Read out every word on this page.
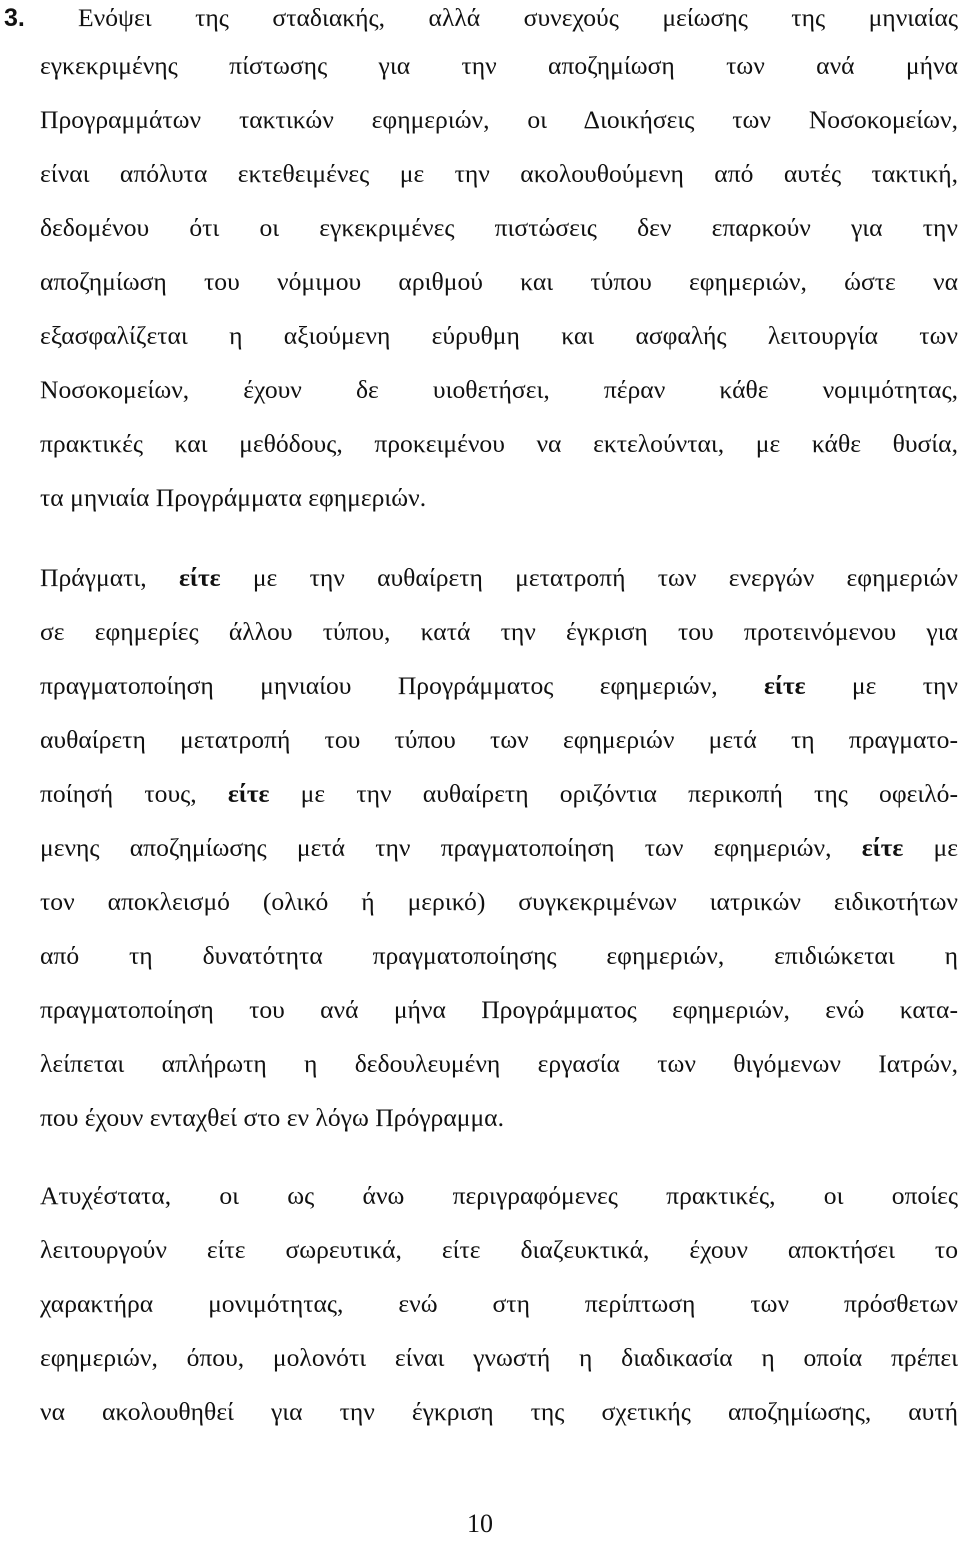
3. Ενόψει της σταδιακής, αλλά συνεχούς μείωσης της μηνιαίας

εγκεκριμένης πίστωσης για την αποζημίωση των ανά μήνα

Προγραμμάτων τακτικών εφημεριών, οι Διοικήσεις των Νοσοκομείων,

είναι απόλυτα εκτεθειμένες με την ακολουθούμενη από αυτές τακτική,

δεδομένου ότι οι εγκεκριμένες πιστώσεις δεν επαρκούν για την

αποζημίωση του νόμιμου αριθμού και τύπου εφημεριών, ώστε να

εξασφαλίζεται η αξιούμενη εύρυθμη και ασφαλής λειτουργία των

Νοσοκομείων, έχουν δε υιοθετήσει, πέραν κάθε νομιμότητας,

πρακτικές και μεθόδους, προκειμένου να εκτελούνται, με κάθε θυσία,

τα μηνιαία Προγράμματα εφημεριών.

Πράγματι, είτε με την αυθαίρετη μετατροπή των ενεργών εφημεριών

σε εφημερίες άλλου τύπου, κατά την έγκριση του προτεινόμενου για

πραγματοποίηση μηνιαίου Προγράμματος εφημεριών, είτε με την

αυθαίρετη μετατροπή του τύπου των εφημεριών μετά τη πραγματο-

ποίησή τους, είτε με την αυθαίρετη οριζόντια περικοπή της οφειλό-

μενης αποζημίωσης μετά την πραγματοποίηση των εφημεριών, είτε με

τον αποκλεισμό (ολικό ή μερικό) συγκεκριμένων ιατρικών ειδικοτήτων

από τη δυνατότητα πραγματοποίησης εφημεριών, επιδιώκεται η

πραγματοποίηση του ανά μήνα Προγράμματος εφημεριών, ενώ κατα-

λείπεται απλήρωτη η δεδουλευμένη εργασία των θιγόμενων Ιατρών,

που έχουν ενταχθεί στο εν λόγω Πρόγραμμα.

Ατυχέστατα, οι ως άνω περιγραφόμενες πρακτικές, οι οποίες

λειτουργούν είτε σωρευτικά, είτε διαζευκτικά, έχουν αποκτήσει το

χαρακτήρα μονιμότητας, ενώ στη περίπτωση των πρόσθετων

εφημεριών, όπου, μολονότι είναι γνωστή η διαδικασία η οποία πρέπει

να ακολουθηθεί για την έγκριση της σχετικής αποζημίωσης, αυτή

10
